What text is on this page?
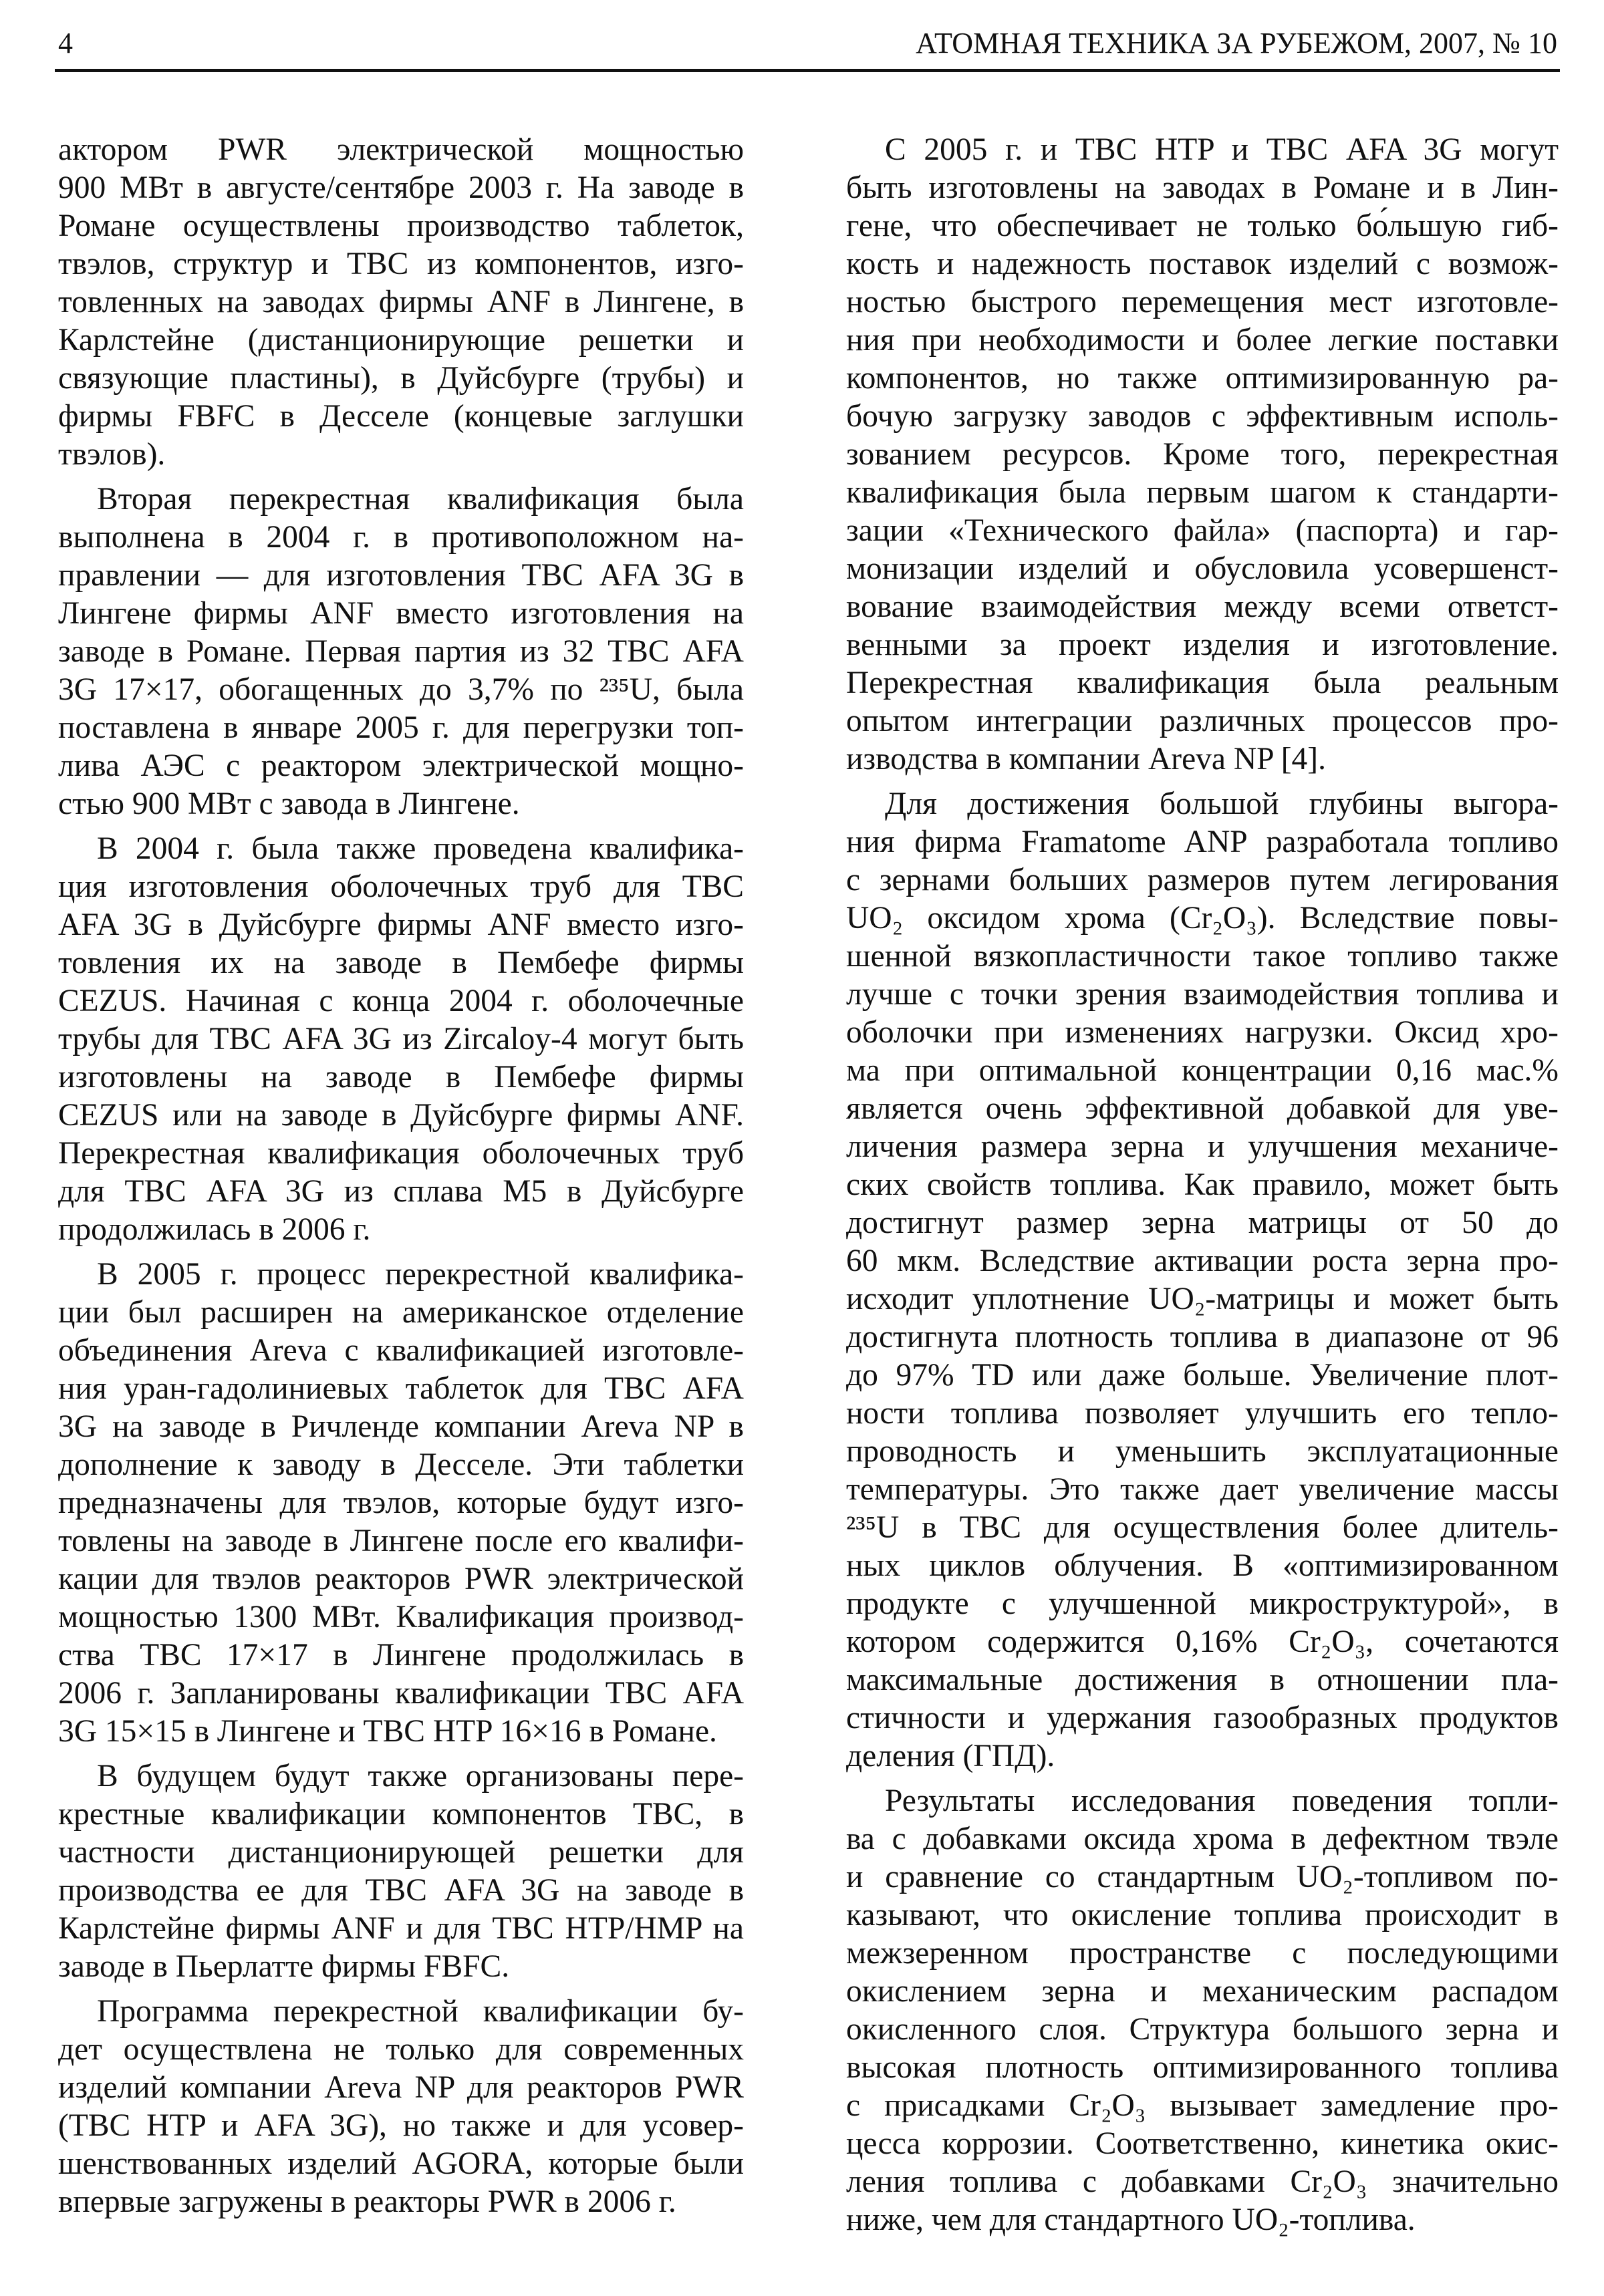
4	АТОМНАЯ ТЕХНИКА ЗА РУБЕЖОМ, 2007, № 10
актором PWR электрической мощностью
900 МВт в августе/сентябре 2003 г. На заводе в
Романе осуществлены производство таблеток,
твэлов, структур и ТВС из компонентов, изго-
товленных на заводах фирмы ANF в Лингене, в
Карлстейне (дистанционирующие решетки и
связующие пластины), в Дуйсбурге (трубы) и
фирмы FBFC в Десселе (концевые заглушки
твэлов).
Вторая перекрестная квалификация была
выполнена в 2004 г. в противоположном на-
правлении — для изготовления ТВС AFA 3G в
Лингене фирмы ANF вместо изготовления на
заводе в Романе. Первая партия из 32 ТВС AFA
3G 17×17, обогащенных до 3,7% по ²³⁵U, была
поставлена в январе 2005 г. для перегрузки топ-
лива АЭС с реактором электрической мощно-
стью 900 МВт с завода в Лингене.
В 2004 г. была также проведена квалифика-
ция изготовления оболочечных труб для ТВС
AFA 3G в Дуйсбурге фирмы ANF вместо изго-
товления их на заводе в Пембефе фирмы
CEZUS. Начиная с конца 2004 г. оболочечные
трубы для ТВС AFA 3G из Zircaloy-4 могут быть
изготовлены на заводе в Пембефе фирмы
CEZUS или на заводе в Дуйсбурге фирмы ANF.
Перекрестная квалификация оболочечных труб
для ТВС AFA 3G из сплава M5 в Дуйсбурге
продолжилась в 2006 г.
В 2005 г. процесс перекрестной квалифика-
ции был расширен на американское отделение
объединения Areva с квалификацией изготовле-
ния уран-гадолиниевых таблеток для ТВС AFA
3G на заводе в Ричленде компании Areva NP в
дополнение к заводу в Десселе. Эти таблетки
предназначены для твэлов, которые будут изго-
товлены на заводе в Лингене после его квалифи-
кации для твэлов реакторов PWR электрической
мощностью 1300 МВт. Квалификация производ-
ства ТВС 17×17 в Лингене продолжилась в
2006 г. Запланированы квалификации ТВС AFA
3G 15×15 в Лингене и ТВС HTP 16×16 в Романе.
В будущем будут также организованы пере-
крестные квалификации компонентов ТВС, в
частности дистанционирующей решетки для
производства ее для ТВС AFA 3G на заводе в
Карлстейне фирмы ANF и для ТВС HTP/HMP на
заводе в Пьерлатте фирмы FBFC.
Программа перекрестной квалификации бу-
дет осуществлена не только для современных
изделий компании Areva NP для реакторов PWR
(ТВС HTP и AFA 3G), но также и для усовер-
шенствованных изделий AGORA, которые были
впервые загружены в реакторы PWR в 2006 г.
С 2005 г. и ТВС HTP и ТВС AFA 3G могут
быть изготовлены на заводах в Романе и в Лин-
гене, что обеспечивает не только бо́льшую гиб-
кость и надежность поставок изделий с возмож-
ностью быстрого перемещения мест изготовле-
ния при необходимости и более легкие поставки
компонентов, но также оптимизированную ра-
бочую загрузку заводов с эффективным исполь-
зованием ресурсов. Кроме того, перекрестная
квалификация была первым шагом к стандарти-
зации «Технического файла» (паспорта) и гар-
монизации изделий и обусловила усовершенст-
вование взаимодействия между всеми ответст-
венными за проект изделия и изготовление.
Перекрестная квалификация была реальным
опытом интеграции различных процессов про-
изводства в компании Areva NP [4].
Для достижения большой глубины выгора-
ния фирма Framatome ANP разработала топливо
с зернами больших размеров путем легирования
UO₂ оксидом хрома (Cr₂O₃). Вследствие повы-
шенной вязкопластичности такое топливо также
лучше с точки зрения взаимодействия топлива и
оболочки при изменениях нагрузки. Оксид хро-
ма при оптимальной концентрации 0,16 мас.%
является очень эффективной добавкой для уве-
личения размера зерна и улучшения механиче-
ских свойств топлива. Как правило, может быть
достигнут размер зерна матрицы от 50 до
60 мкм. Вследствие активации роста зерна про-
исходит уплотнение UO₂-матрицы и может быть
достигнута плотность топлива в диапазоне от 96
до 97% TD или даже больше. Увеличение плот-
ности топлива позволяет улучшить его тепло-
проводность и уменьшить эксплуатационные
температуры. Это также дает увеличение массы
²³⁵U в ТВС для осуществления более длитель-
ных циклов облучения. В «оптимизированном
продукте с улучшенной микроструктурой», в
котором содержится 0,16% Cr₂O₃, сочетаются
максимальные достижения в отношении пла-
стичности и удержания газообразных продуктов
деления (ГПД).
Результаты исследования поведения топли-
ва с добавками оксида хрома в дефектном твэле
и сравнение со стандартным UO₂-топливом по-
казывают, что окисление топлива происходит в
межзеренном пространстве с последующими
окислением зерна и механическим распадом
окисленного слоя. Структура большого зерна и
высокая плотность оптимизированного топлива
с присадками Cr₂O₃ вызывает замедление про-
цесса коррозии. Соответственно, кинетика окис-
ления топлива с добавками Cr₂O₃ значительно
ниже, чем для стандартного UO₂-топлива.
